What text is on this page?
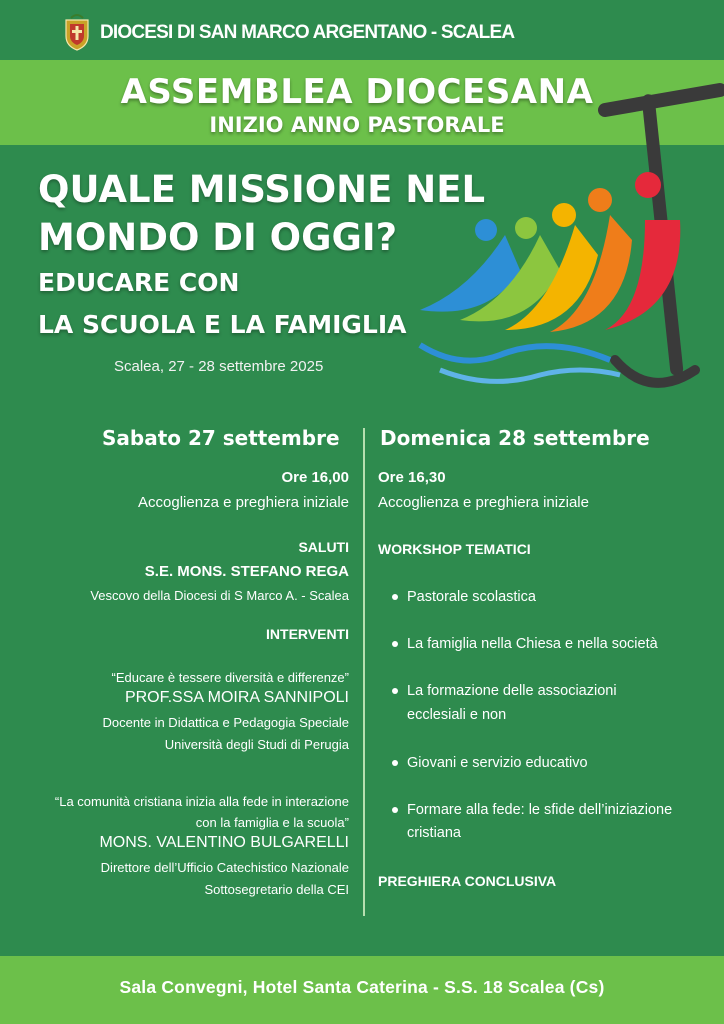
DIOCESI DI SAN MARCO ARGENTANO - SCALEA
ASSEMBLEA DIOCESANA
INIZIO ANNO PASTORALE
QUALE MISSIONE NEL
MONDO DI OGGI?
EDUCARE CON
LA SCUOLA E LA FAMIGLIA
Scalea, 27 - 28 settembre 2025
Sabato 27 settembre
Ore 16,00
Accoglienza e preghiera iniziale
SALUTI
S.E. MONS. STEFANO REGA
Vescovo della Diocesi di S Marco A. - Scalea
INTERVENTI
“Educare è tessere diversità e differenze”
PROF.SSA MOIRA SANNIPOLI
Docente in Didattica e Pedagogia Speciale
Università degli Studi di Perugia
“La comunità cristiana inizia alla fede in interazione
con la famiglia e la scuola”
MONS. VALENTINO BULGARELLI
Direttore dell’Ufficio Catechistico Nazionale
Sottosegretario della CEI
Domenica 28 settembre
Ore 16,30
Accoglienza e preghiera iniziale
WORKSHOP TEMATICI
Pastorale scolastica
La famiglia nella Chiesa e nella società
La formazione delle associazioni
ecclesiali e non
Giovani e servizio educativo
Formare alla fede: le sfide dell’iniziazione
cristiana
PREGHIERA CONCLUSIVA
Sala Convegni, Hotel Santa Caterina - S.S. 18 Scalea (Cs)
